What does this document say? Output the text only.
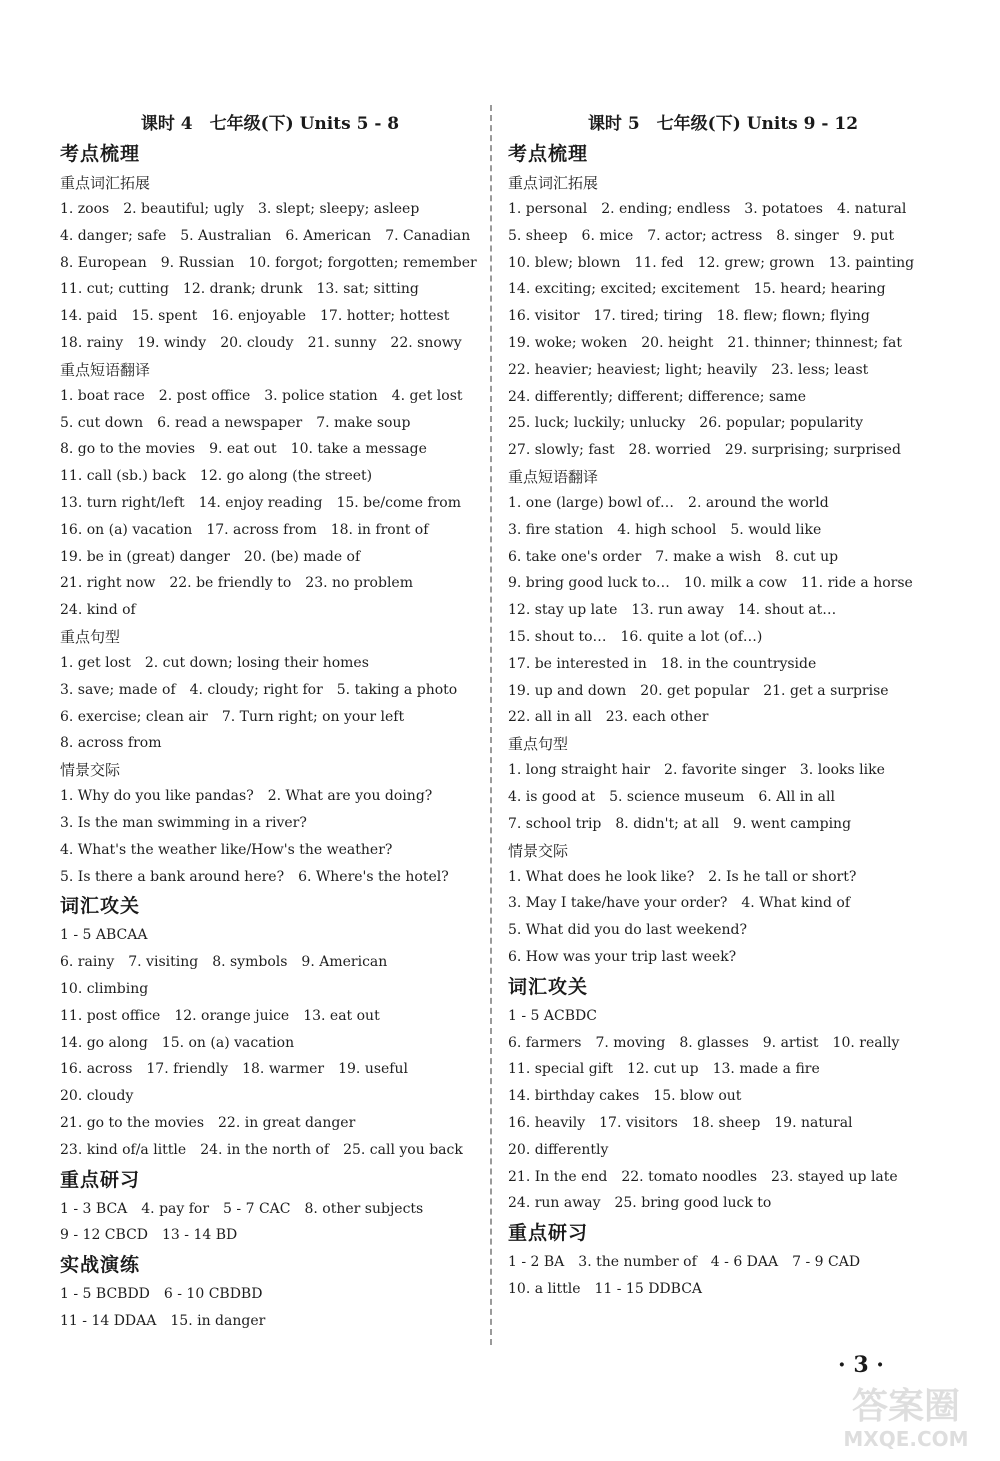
课时 4　七年级(下) Units 5 - 8
考点梳理
重点词汇拓展
1. zoos　2. beautiful; ugly　3. slept; sleepy; asleep
4. danger; safe　5. Australian　6. American　7. Canadian
8. European　9. Russian　10. forgot; forgotten; remember
11. cut; cutting　12. drank; drunk　13. sat; sitting
14. paid　15. spent　16. enjoyable　17. hotter; hottest
18. rainy　19. windy　20. cloudy　21. sunny　22. snowy
重点短语翻译
1. boat race　2. post office　3. police station　4. get lost
5. cut down　6. read a newspaper　7. make soup
8. go to the movies　9. eat out　10. take a message
11. call (sb.) back　12. go along (the street)
13. turn right/left　14. enjoy reading　15. be/come from
16. on (a) vacation　17. across from　18. in front of
19. be in (great) danger　20. (be) made of
21. right now　22. be friendly to　23. no problem
24. kind of
重点句型
1. get lost　2. cut down; losing their homes
3. save; made of　4. cloudy; right for　5. taking a photo
6. exercise; clean air　7. Turn right; on your left
8. across from
情景交际
1. Why do you like pandas?　2. What are you doing?
3. Is the man swimming in a river?
4. What's the weather like/How's the weather?
5. Is there a bank around here?　6. Where's the hotel?
词汇攻关
1 - 5 ABCAA
6. rainy　7. visiting　8. symbols　9. American
10. climbing
11. post office　12. orange juice　13. eat out
14. go along　15. on (a) vacation
16. across　17. friendly　18. warmer　19. useful
20. cloudy
21. go to the movies　22. in great danger
23. kind of/a little　24. in the north of　25. call you back
重点研习
1 - 3 BCA　4. pay for　5 - 7 CAC　8. other subjects
9 - 12 CBCD　13 - 14 BD
实战演练
1 - 5 BCBDD　6 - 10 CBDBD
11 - 14 DDAA　15. in danger
课时 5　七年级(下) Units 9 - 12
考点梳理
重点词汇拓展
1. personal　2. ending; endless　3. potatoes　4. natural
5. sheep　6. mice　7. actor; actress　8. singer　9. put
10. blew; blown　11. fed　12. grew; grown　13. painting
14. exciting; excited; excitement　15. heard; hearing
16. visitor　17. tired; tiring　18. flew; flown; flying
19. woke; woken　20. height　21. thinner; thinnest; fat
22. heavier; heaviest; light; heavily　23. less; least
24. differently; different; difference; same
25. luck; luckily; unlucky　26. popular; popularity
27. slowly; fast　28. worried　29. surprising; surprised
重点短语翻译
1. one (large) bowl of…　2. around the world
3. fire station　4. high school　5. would like
6. take one's order　7. make a wish　8. cut up
9. bring good luck to…　10. milk a cow　11. ride a horse
12. stay up late　13. run away　14. shout at…
15. shout to…　16. quite a lot (of…)
17. be interested in　18. in the countryside
19. up and down　20. get popular　21. get a surprise
22. all in all　23. each other
重点句型
1. long straight hair　2. favorite singer　3. looks like
4. is good at　5. science museum　6. All in all
7. school trip　8. didn't; at all　9. went camping
情景交际
1. What does he look like?　2. Is he tall or short?
3. May I take/have your order?　4. What kind of
5. What did you do last weekend?
6. How was your trip last week?
词汇攻关
1 - 5 ACBDC
6. farmers　7. moving　8. glasses　9. artist　10. really
11. special gift　12. cut up　13. made a fire
14. birthday cakes　15. blow out
16. heavily　17. visitors　18. sheep　19. natural
20. differently
21. In the end　22. tomato noodles　23. stayed up late
24. run away　25. bring good luck to
重点研习
1 - 2 BA　3. the number of　4 - 6 DAA　7 - 9 CAD
10. a little　11 - 15 DDBCA
· 3 ·
答案圈
MXQE.COM
